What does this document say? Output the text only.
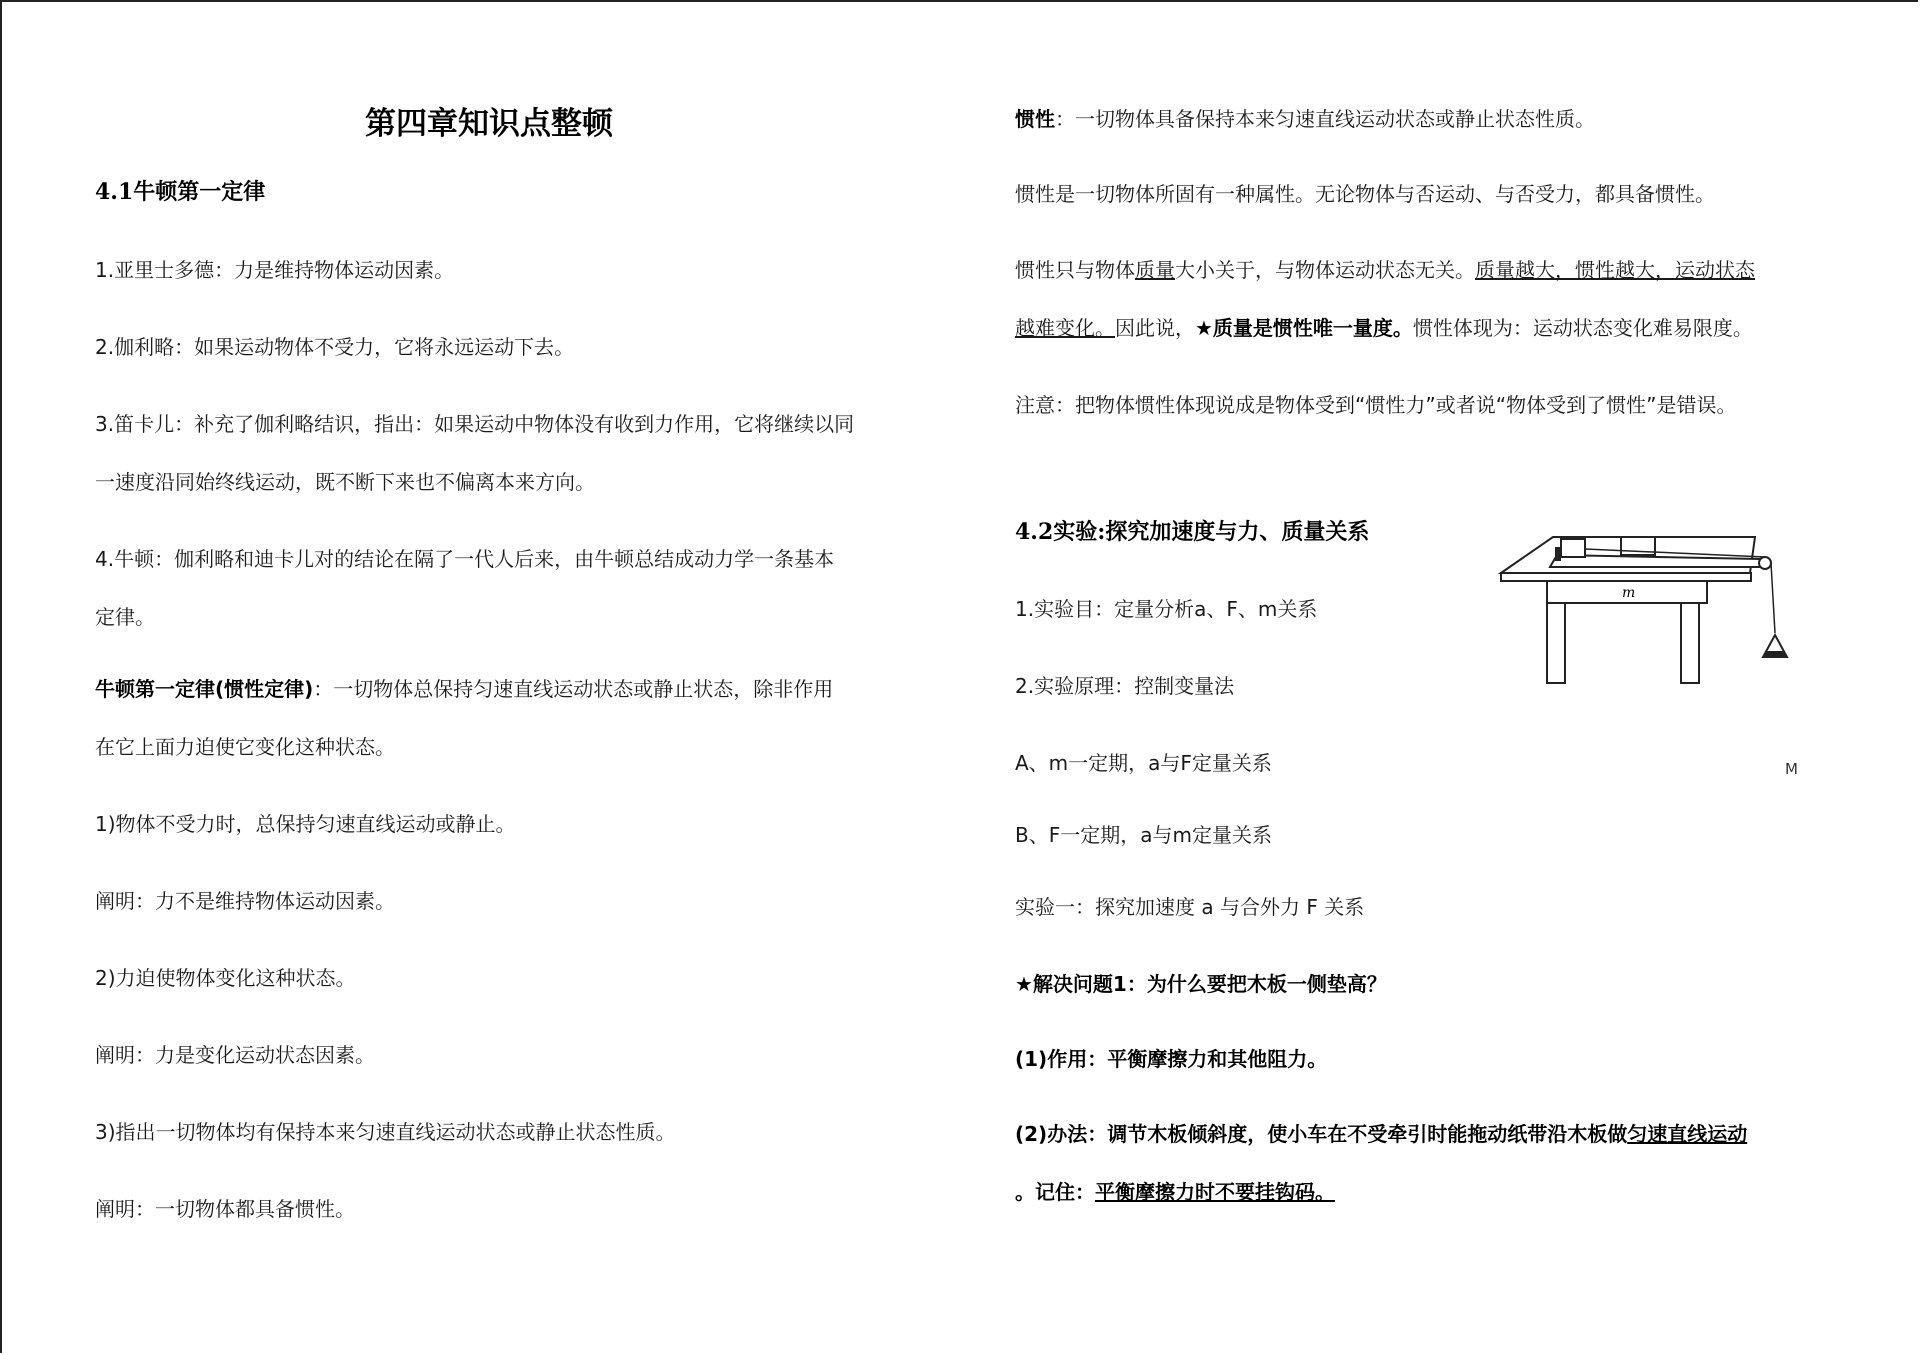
第四章知识点整顿
4.1牛顿第一定律
1.亚里士多德：力是维持物体运动因素。
2.伽利略：如果运动物体不受力，它将永远运动下去。
3.笛卡儿：补充了伽利略结识，指出：如果运动中物体没有收到力作用，它将继续以同
一速度沿同始终线运动，既不断下来也不偏离本来方向。
4.牛顿：伽利略和迪卡儿对的结论在隔了一代人后来，由牛顿总结成动力学一条基本
定律。
牛顿第一定律(惯性定律)：一切物体总保持匀速直线运动状态或静止状态，除非作用
在它上面力迫使它变化这种状态。
1)物体不受力时，总保持匀速直线运动或静止。
阐明：力不是维持物体运动因素。
2)力迫使物体变化这种状态。
阐明：力是变化运动状态因素。
3)指出一切物体均有保持本来匀速直线运动状态或静止状态性质。
阐明：一切物体都具备惯性。
惯性：一切物体具备保持本来匀速直线运动状态或静止状态性质。
惯性是一切物体所固有一种属性。无论物体与否运动、与否受力，都具备惯性。
惯性只与物体质量大小关于，与物体运动状态无关。质量越大，惯性越大，运动状态
越难变化。因此说，★质量是惯性唯一量度。惯性体现为：运动状态变化难易限度。
注意：把物体惯性体现说成是物体受到“惯性力”或者说“物体受到了惯性”是错误。
4.2实验:探究加速度与力、质量关系
1.实验目：定量分析a、F、m关系
2.实验原理：控制变量法
A、m一定期，a与F定量关系
B、F一定期，a与m定量关系
实验一：探究加速度 a 与合外力 F 关系
★解决问题1：为什么要把木板一侧垫高？
(1)作用：平衡摩擦力和其他阻力。
(2)办法：调节木板倾斜度，使小车在不受牵引时能拖动纸带沿木板做匀速直线运动
。记住：平衡摩擦力时不要挂钩码。
m
M
